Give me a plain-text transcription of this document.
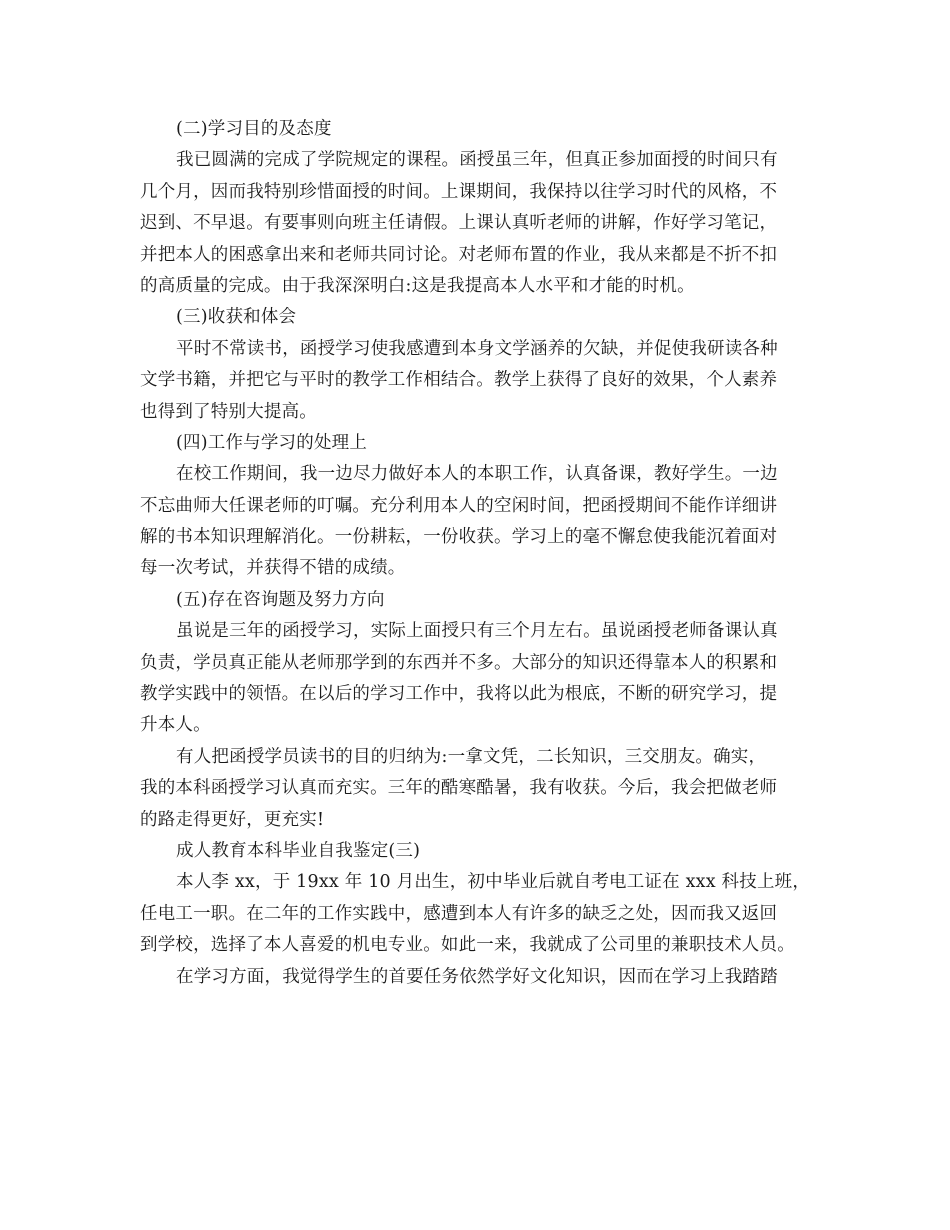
(二)学习目的及态度
我已圆满的完成了学院规定的课程。函授虽三年，但真正参加面授的时间只有
几个月，因而我特别珍惜面授的时间。上课期间，我保持以往学习时代的风格，不
迟到、不早退。有要事则向班主任请假。上课认真听老师的讲解，作好学习笔记，
并把本人的困惑拿出来和老师共同讨论。对老师布置的作业，我从来都是不折不扣
的高质量的完成。由于我深深明白:这是我提高本人水平和才能的时机。
(三)收获和体会
平时不常读书，函授学习使我感遭到本身文学涵养的欠缺，并促使我研读各种
文学书籍，并把它与平时的教学工作相结合。教学上获得了良好的效果，个人素养
也得到了特别大提高。
(四)工作与学习的处理上
在校工作期间，我一边尽力做好本人的本职工作，认真备课，教好学生。一边
不忘曲师大任课老师的叮嘱。充分利用本人的空闲时间，把函授期间不能作详细讲
解的书本知识理解消化。一份耕耘，一份收获。学习上的毫不懈怠使我能沉着面对
每一次考试，并获得不错的成绩。
(五)存在咨询题及努力方向
虽说是三年的函授学习，实际上面授只有三个月左右。虽说函授老师备课认真
负责，学员真正能从老师那学到的东西并不多。大部分的知识还得靠本人的积累和
教学实践中的领悟。在以后的学习工作中，我将以此为根底，不断的研究学习，提
升本人。
有人把函授学员读书的目的归纳为:一拿文凭，二长知识，三交朋友。确实，
我的本科函授学习认真而充实。三年的酷寒酷暑，我有收获。今后，我会把做老师
的路走得更好，更充实!
成人教育本科毕业自我鉴定(三)
本人李 xx，于 19xx 年 10 月出生，初中毕业后就自考电工证在 xxx 科技上班，
任电工一职。在二年的工作实践中，感遭到本人有许多的缺乏之处，因而我又返回
到学校，选择了本人喜爱的机电专业。如此一来，我就成了公司里的兼职技术人员。
在学习方面，我觉得学生的首要任务依然学好文化知识，因而在学习上我踏踏
